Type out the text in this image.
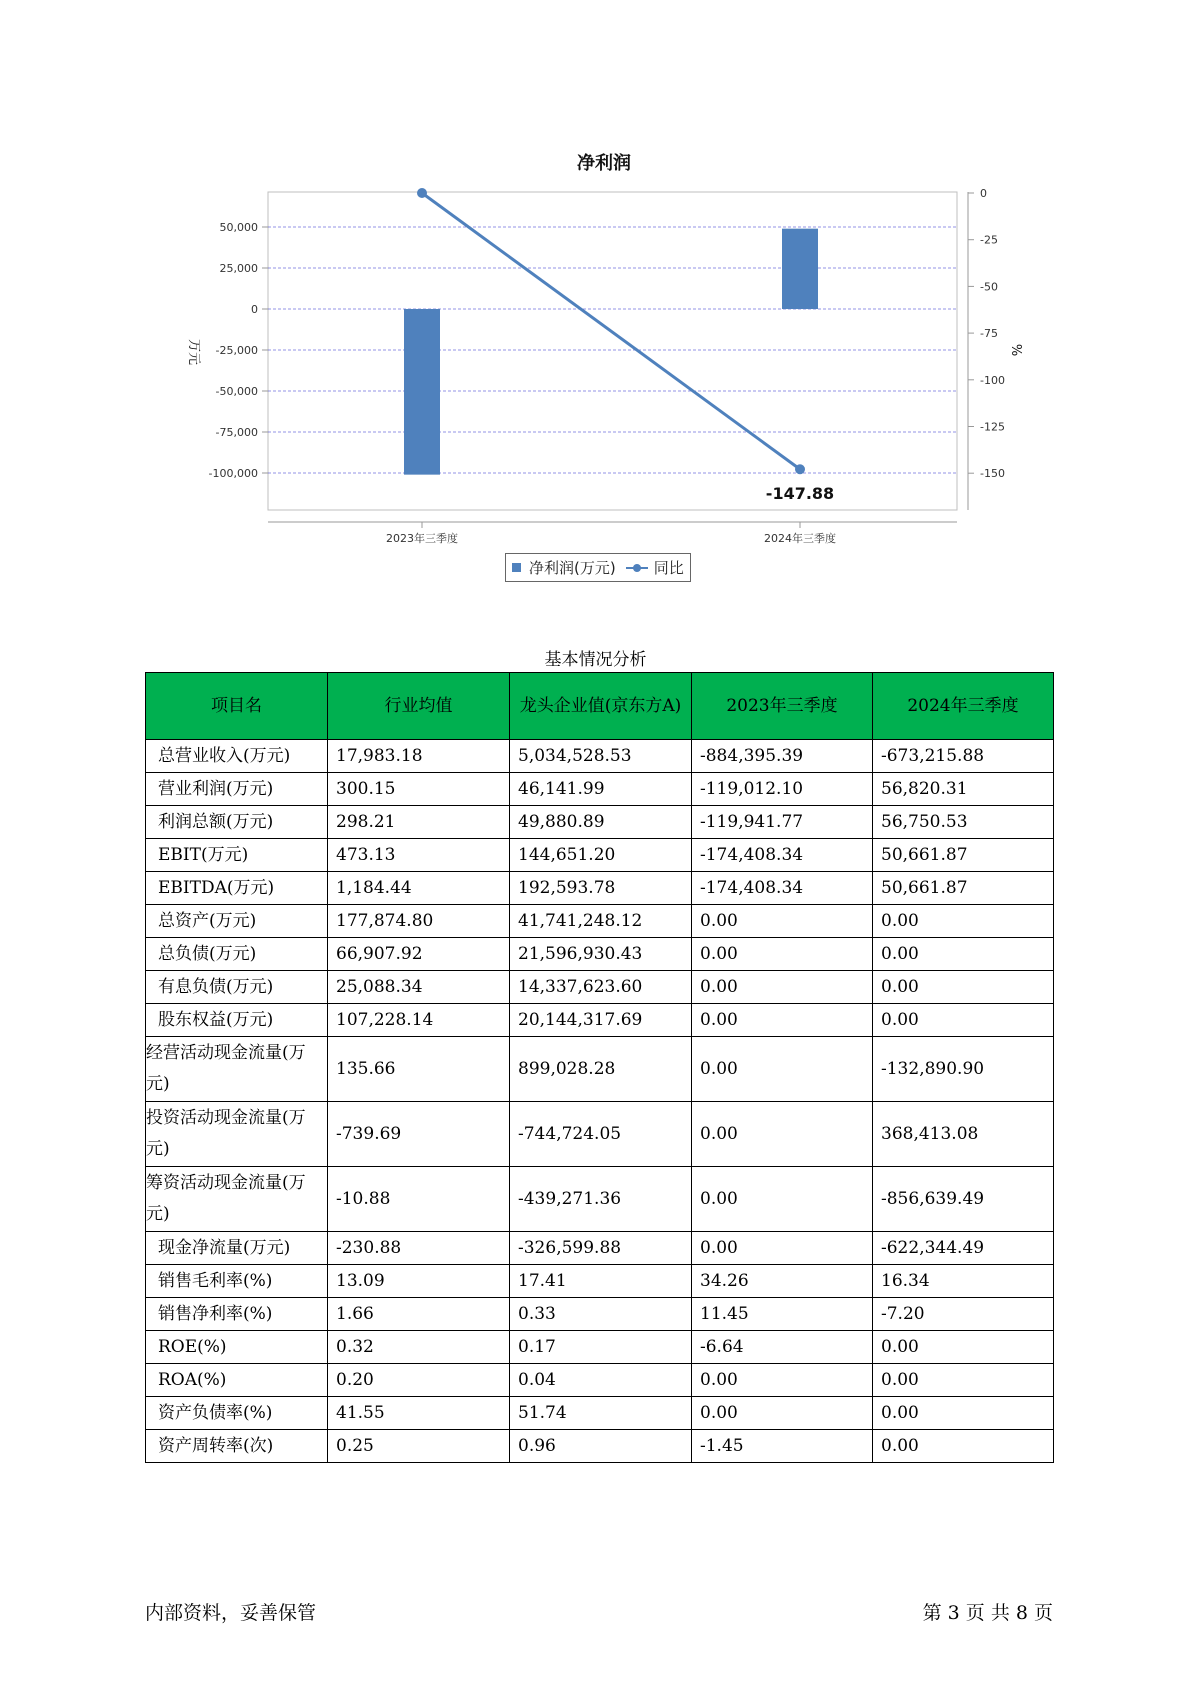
50,000
25,000
0
-25,000
-50,000
-75,000
-100,000
0
-25
-50
-75
-100
-125
-150
-147.88
2023年三季度	2024年三季度
净利润
万元	%
净利润(万元)	同比
基本情况分析
项目名	行业均值	龙头企业值(京东方A)	2023年三季度	2024年三季度
总营业收入(万元)	17,983.18	5,034,528.53	-884,395.39	-673,215.88
营业利润(万元)	300.15	46,141.99	-119,012.10	56,820.31
利润总额(万元)	298.21	49,880.89	-119,941.77	56,750.53
EBIT(万元)	473.13	144,651.20	-174,408.34	50,661.87
EBITDA(万元)	1,184.44	192,593.78	-174,408.34	50,661.87
总资产(万元)	177,874.80	41,741,248.12	0.00	0.00
总负债(万元)	66,907.92	21,596,930.43	0.00	0.00
有息负债(万元)	25,088.34	14,337,623.60	0.00	0.00
股东权益(万元)	107,228.14	20,144,317.69	0.00	0.00
经营活动现金流量(万元)	135.66	899,028.28	0.00	-132,890.90
投资活动现金流量(万元)	-739.69	-744,724.05	0.00	368,413.08
筹资活动现金流量(万元)	-10.88	-439,271.36	0.00	-856,639.49
现金净流量(万元)	-230.88	-326,599.88	0.00	-622,344.49
销售毛利率(%)	13.09	17.41	34.26	16.34
销售净利率(%)	1.66	0.33	11.45	-7.20
ROE(%)	0.32	0.17	-6.64	0.00
ROA(%)	0.20	0.04	0.00	0.00
资产负债率(%)	41.55	51.74	0.00	0.00
资产周转率(次)	0.25	0.96	-1.45	0.00
内部资料，妥善保管	第 3 页 共 8 页
